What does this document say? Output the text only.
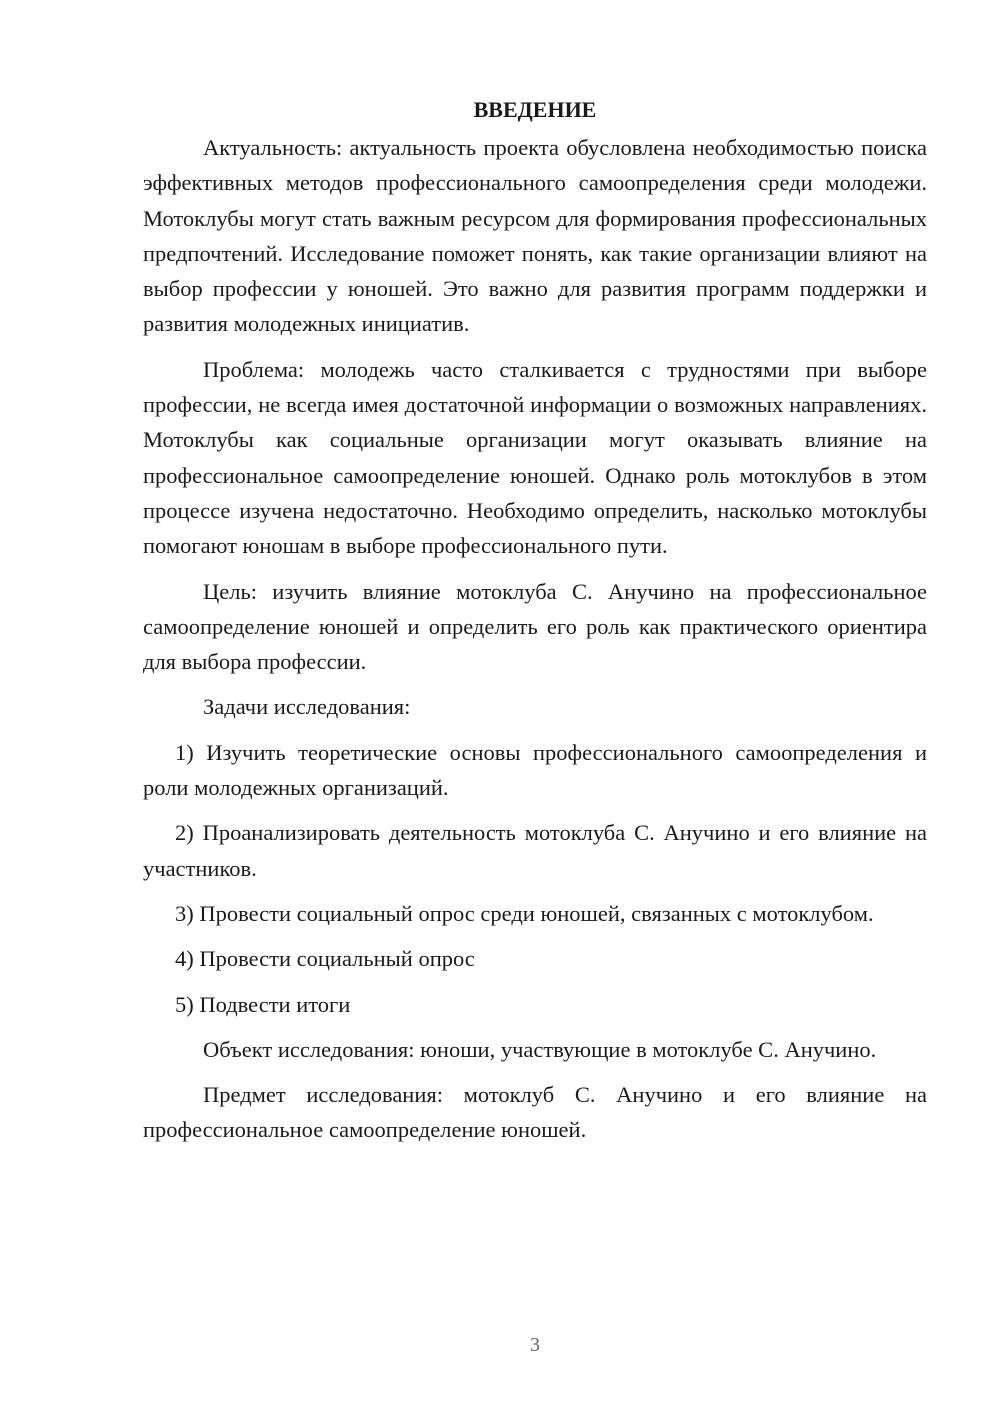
ВВЕДЕНИЕ

Актуальность: актуальность проекта обусловлена необходимостью поиска эффективных методов профессионального самоопределения среди молодежи. Мотоклубы могут стать важным ресурсом для формирования профессиональных предпочтений. Исследование поможет понять, как такие организации влияют на выбор профессии у юношей. Это важно для развития программ поддержки и развития молодежных инициатив.

Проблема: молодежь часто сталкивается с трудностями при выборе профессии, не всегда имея достаточной информации о возможных направлениях. Мотоклубы как социальные организации могут оказывать влияние на профессиональное самоопределение юношей. Однако роль мотоклубов в этом процессе изучена недостаточно. Необходимо определить, насколько мотоклубы помогают юношам в выборе профессионального пути.

Цель: изучить влияние мотоклуба С. Анучино на профессиональное самоопределение юношей и определить его роль как практического ориентира для выбора профессии.

Задачи исследования:

1) Изучить теоретические основы профессионального самоопределения и роли молодежных организаций.

2) Проанализировать деятельность мотоклуба С. Анучино и его влияние на участников.

3) Провести социальный опрос среди юношей, связанных с мотоклубом.

4) Провести социальный опрос

5) Подвести итоги

Объект исследования: юноши, участвующие в мотоклубе С. Анучино.

Предмет исследования: мотоклуб С. Анучино и его влияние на профессиональное самоопределение юношей.

3
